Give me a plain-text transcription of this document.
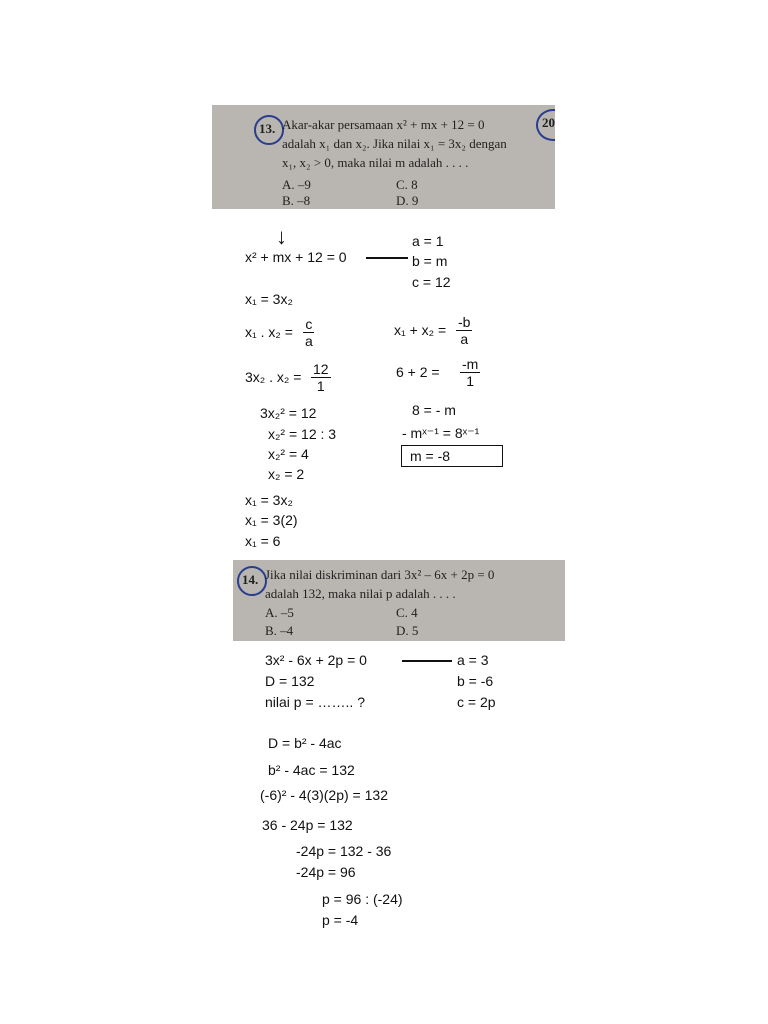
13. Akar-akar persamaan x² + mx + 12 = 0
adalah x₁ dan x₂. Jika nilai x₁ = 3x₂ dengan
x₁, x₂ > 0, maka nilai m adalah . . . .
A. –9
B. –8
C. 8
D. 9
20
↓
x² + mx + 12 = 0
a = 1
b = m
c = 12
x₁ = 3x₂
x₁ . $x_2 = \frac{c}{a}$	$x_1 + x_2 = \frac{-b}{a}$
3x₂ . $x_2 = \frac{12}{1}$	$6 + 2 = \frac{-m}{1}$
3x₂² = 12
x₂² = 12 : 3
x₂² = 4
x₂ = 2
8 = - m
- mˣ⁻¹ = 8ˣ⁻¹
m = -8
x₁ = 3x₂
x₁ = 3(2)
x₁ = 6
14. Jika nilai diskriminan dari 3x² – 6x + 2p = 0
adalah 132, maka nilai p adalah . . . .
A. –5
B. –4
C. 4
D. 5
3x² - 6x + 2p = 0
D = 132
nilai p = …….. ?
a = 3
b = -6
c = 2p
D = b² - 4ac
b² - 4ac = 132
(-6)² - 4(3)(2p) = 132
36 - 24p = 132
-24p = 132 - 36
-24p = 96
p = 96 : (-24)
p = -4
